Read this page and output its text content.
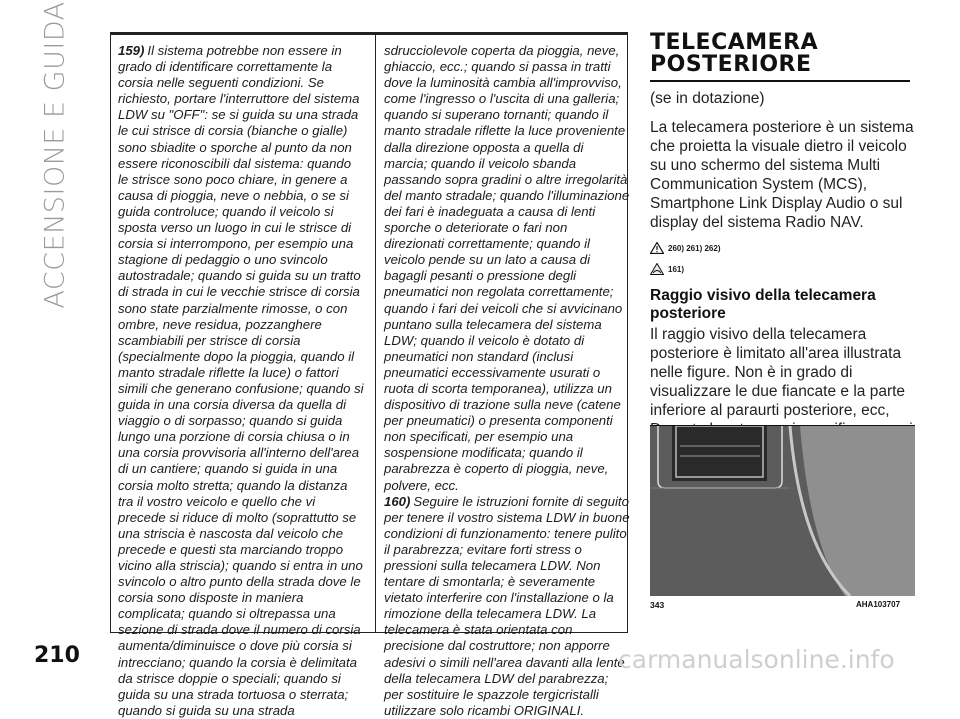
ACCENSIONE E GUIDA
210

159) Il sistema potrebbe non essere in grado di identificare correttamente la corsia nelle seguenti condizioni. Se richiesto, portare l'interruttore del sistema LDW su "OFF": se si guida su una strada le cui strisce di corsia (bianche o gialle) sono sbiadite o sporche al punto da non essere riconoscibili dal sistema: quando le strisce sono poco chiare, in genere a causa di pioggia, neve o nebbia, o se si guida controluce; quando il veicolo si sposta verso un luogo in cui le strisce di corsia si interrompono, per esempio una stagione di pedaggio o uno svincolo autostradale; quando si guida su un tratto di strada in cui le vecchie strisce di corsia sono state parzialmente rimosse, o con ombre, neve residua, pozzanghere scambiabili per strisce di corsia (specialmente dopo la pioggia, quando il manto stradale riflette la luce) o fattori simili che generano confusione; quando si guida in una corsia diversa da quella di viaggio o di sorpasso; quando si guida lungo una porzione di corsia chiusa o in una corsia provvisoria all'interno dell'area di un cantiere; quando si guida in una corsia molto stretta; quando la distanza tra il vostro veicolo e quello che vi precede si riduce di molto (soprattutto se una striscia è nascosta dal veicolo che precede e questi sta marciando troppo vicino alla striscia); quando si entra in uno svincolo o altro punto della strada dove le corsia sono disposte in maniera complicata; quando si oltrepassa una sezione di strada dove il numero di corsia aumenta/diminuisce o dove più corsia si intrecciano; quando la corsia è delimitata da strisce doppie o speciali; quando si guida su una strada tortuosa o sterrata; quando si guida su una strada

sdrucciolevole coperta da pioggia, neve, ghiaccio, ecc.; quando si passa in tratti dove la luminosità cambia all'improvviso, come l'ingresso o l'uscita di una galleria; quando si superano tornanti; quando il manto stradale riflette la luce proveniente dalla direzione opposta a quella di marcia; quando il veicolo sbanda passando sopra gradini o altre irregolarità del manto stradale; quando l'illuminazione dei fari è inadeguata a causa di lenti sporche o deteriorate o fari non direzionati correttamente; quando il veicolo pende su un lato a causa di bagagli pesanti o pressione degli pneumatici non regolata correttamente; quando i fari dei veicoli che si avvicinano puntano sulla telecamera del sistema LDW; quando il veicolo è dotato di pneumatici non standard (inclusi pneumatici eccessivamente usurati o ruota di scorta temporanea), utilizza un dispositivo di trazione sulla neve (catene per pneumatici) o presenta componenti non specificati, per esempio una sospensione modificata; quando il parabrezza è coperto di pioggia, neve, polvere, ecc.

160) Seguire le istruzioni fornite di seguito per tenere il vostro sistema LDW in buone condizioni di funzionamento: tenere pulito il parabrezza; evitare forti stress o pressioni sulla telecamera LDW. Non tentare di smontarla; è severamente vietato interferire con l'installazione o la rimozione della telecamera LDW. La telecamera è stata orientata con precisione dal costruttore; non apporre adesivi o simili nell'area davanti alla lente della telecamera LDW del parabrezza; per sostituire le spazzole tergicristalli utilizzare solo ricambi ORIGINALI.

TELECAMERA
POSTERIORE
(se in dotazione)

La telecamera posteriore è un sistema che proietta la visuale dietro il veicolo su uno schermo del sistema Multi Communication System (MCS), Smartphone Link Display Audio o sul display del sistema Radio NAV.

260) 261) 262)
161)
Raggio visivo della telecamera posteriore

Il raggio visivo della telecamera posteriore è limitato all'area illustrata nelle figure. Non è in grado di visualizzare le due fiancate e la parte inferiore al paraurti posteriore, ecc,

343	AHA103707
carmanualsonline.info
